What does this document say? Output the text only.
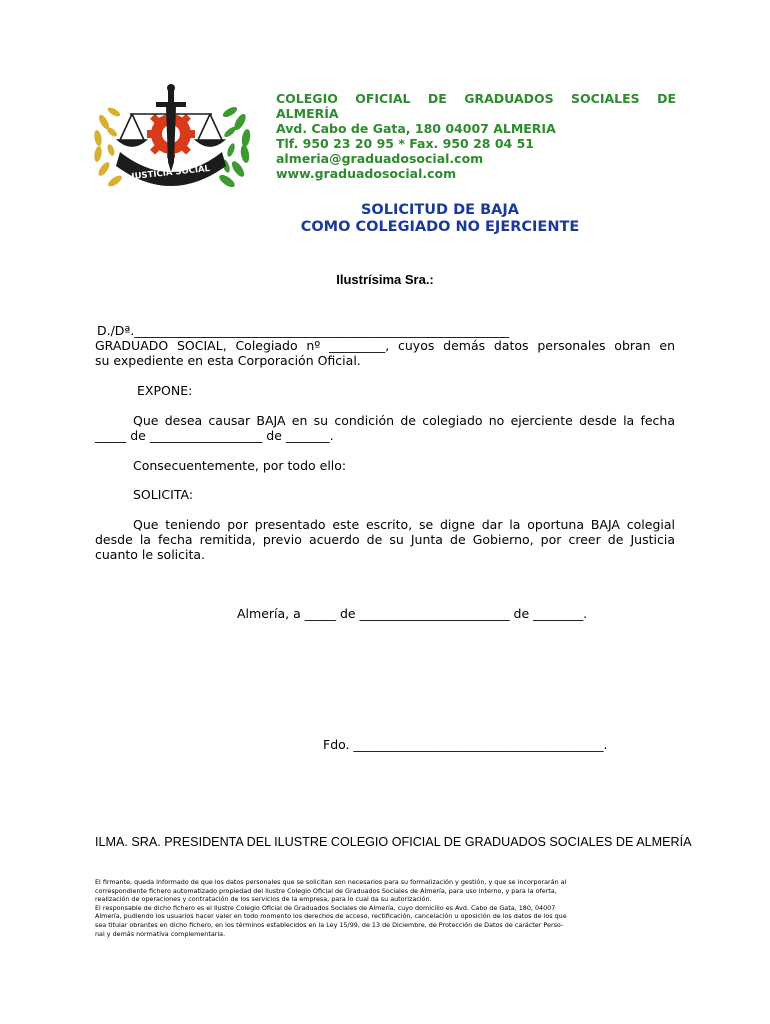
JUSTICIA SOCIAL
COLEGIO OFICIAL DE GRADUADOS SOCIALES DE
ALMERÍA
Avd. Cabo de Gata, 180 04007 ALMERIA
Tlf. 950 23 20 95 * Fax. 950 28 04 51
almeria@graduadosocial.com
www.graduadosocial.com
SOLICITUD DE BAJA
COMO COLEGIADO NO EJERCIENTE
Ilustrísima Sra.:
D./Dª.____________________________________________________________
GRADUADO SOCIAL, Colegiado nº _________, cuyos demás datos personales obran en
su expediente en esta Corporación Oficial.
EXPONE:
Que desea causar BAJA en su condición de colegiado no ejerciente desde la fecha
_____ de __________________ de _______.
Consecuentemente, por todo ello:
SOLICITA:
Que teniendo por presentado este escrito, se digne dar la oportuna BAJA colegial
desde la fecha remitida, previo acuerdo de su Junta de Gobierno, por creer de Justicia
cuanto le solicita.
Almería, a _____ de ________________________ de ________.
Fdo. ________________________________________.
ILMA. SRA. PRESIDENTA DEL ILUSTRE COLEGIO OFICIAL DE GRADUADOS SOCIALES DE ALMERÍA
El firmante, queda informado de que los datos personales que se solicitan son necesarios para su formalización y gestión, y que se incorporarán al
correspondiente fichero automatizado propiedad del Ilustre Colegio Oficial de Graduados Sociales de Almería, para uso interno, y para la oferta,
realización de operaciones y contratación de los servicios de la empresa, para lo cual da su autorización.
El responsable de dicho fichero es el Ilustre Colegio Oficial de Graduados Sociales de Almería, cuyo domicilio es Avd. Cabo de Gata, 180, 04007
Almería, pudiendo los usuarios hacer valer en todo momento los derechos de acceso, rectificación, cancelación u oposición de los datos de los que
sea titular obrantes en dicho fichero, en los términos establecidos en la Ley 15/99, de 13 de Diciembre, de Protección de Datos de carácter Perso-
nal y demás normativa complementaria.
